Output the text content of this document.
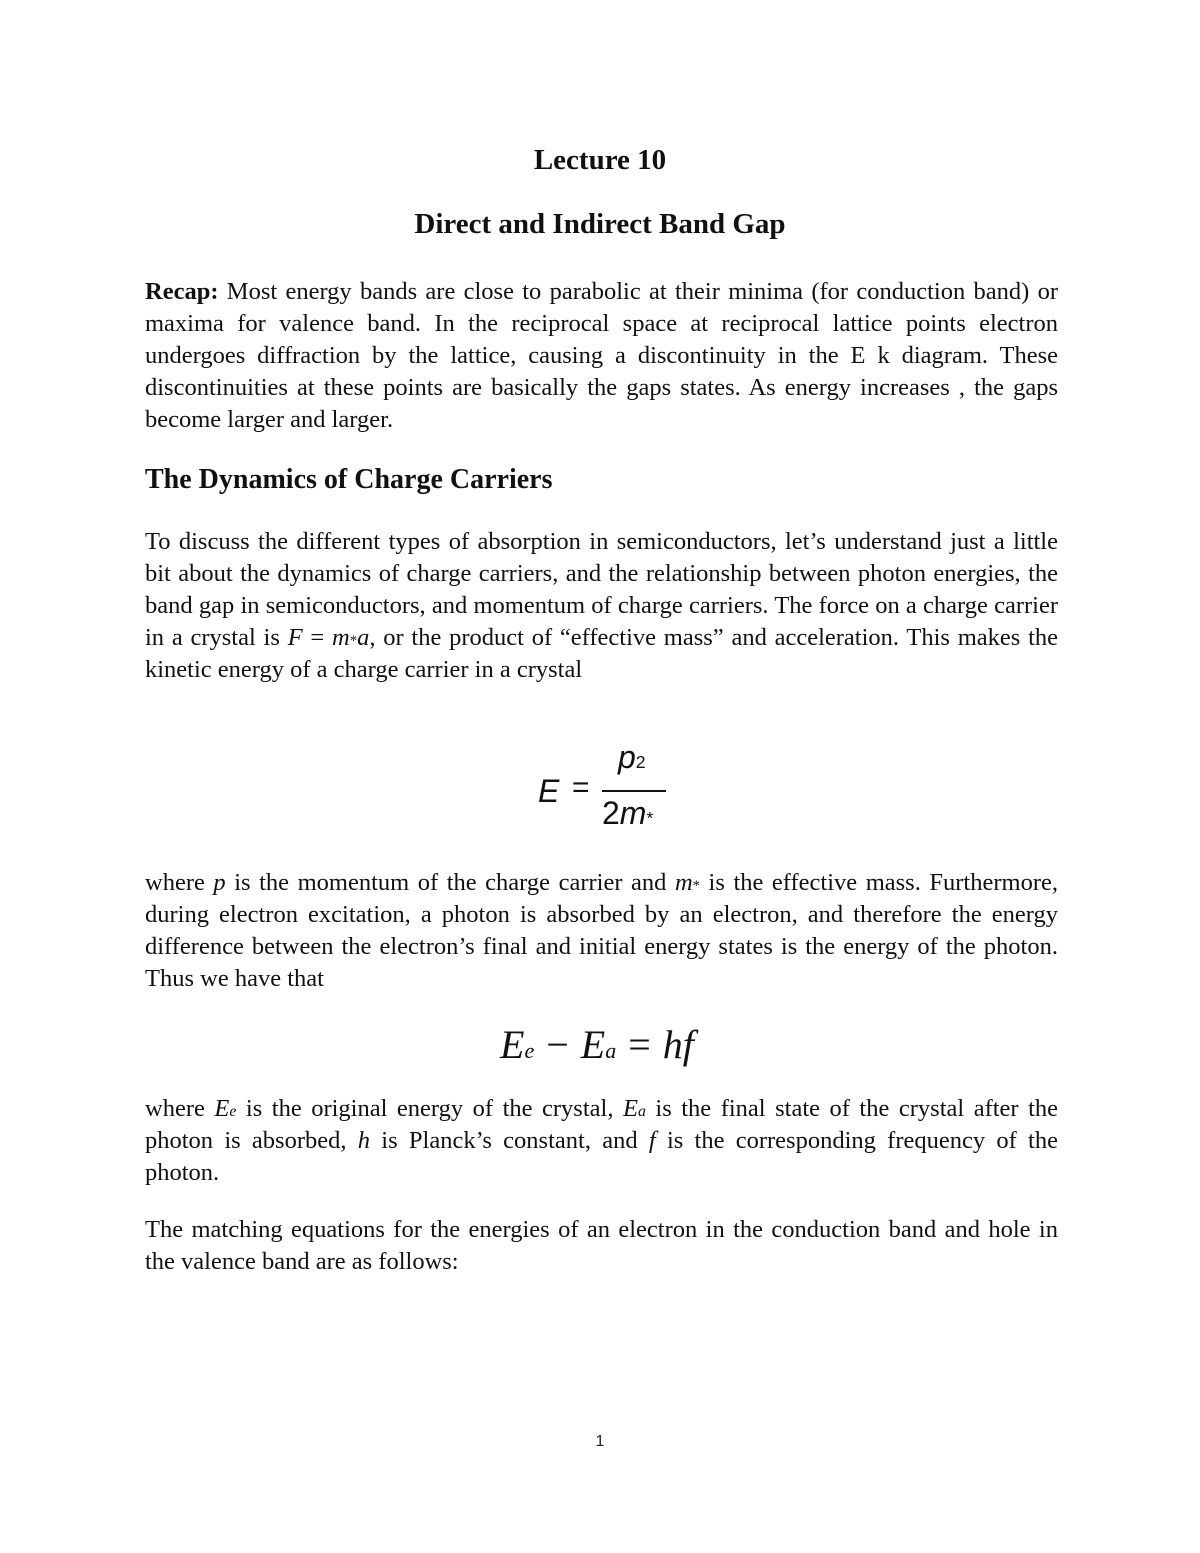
Lecture 10
Direct and Indirect Band Gap
Recap: Most energy bands are close to parabolic at their minima (for conduction band) or maxima for valence band. In the reciprocal space at reciprocal lattice points electron undergoes diffraction by the lattice, causing a discontinuity in the E k diagram. These discontinuities at these points are basically the gaps states. As energy increases , the gaps become larger and larger.
The Dynamics of Charge Carriers
To discuss the different types of absorption in semiconductors, let’s understand just a little bit about the dynamics of charge carriers, and the relationship between photon energies, the band gap in semiconductors, and momentum of charge carriers. The force on a charge carrier in a crystal is F = m*a, or the product of “effective mass” and acceleration. This makes the kinetic energy of a charge carrier in a crystal
E =
$p^2$
2m*
where p is the momentum of the charge carrier and m* is the effective mass. Furthermore, during electron excitation, a photon is absorbed by an electron, and therefore the energy difference between the electron’s final and initial energy states is the energy of the photon. Thus we have that
$E_e - E_a$ = hf
where $E_e$ is the original energy of the crystal, $E_a$ is the final state of the crystal after the photon is absorbed, h is Planck’s constant, and f is the corresponding frequency of the photon.
The matching equations for the energies of an electron in the conduction band and hole in the valence band are as follows:
1
